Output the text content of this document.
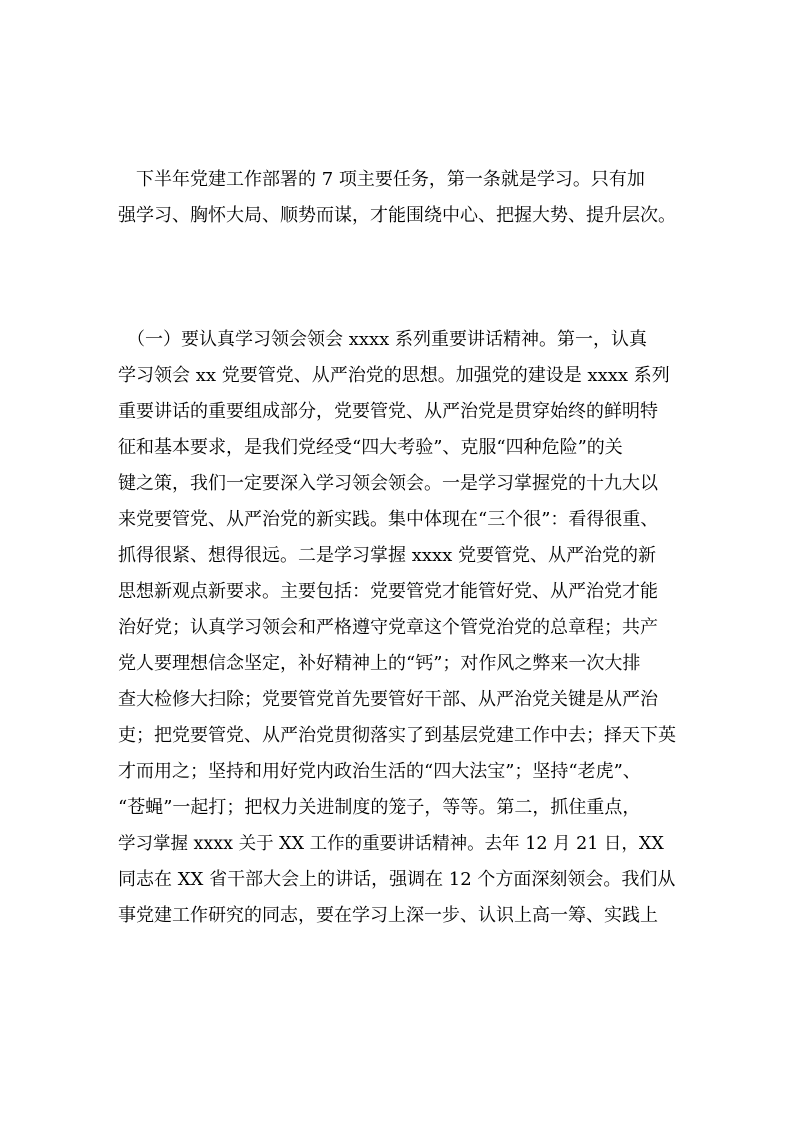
　下半年党建工作部署的 7 项主要任务，第一条就是学习。只有加
强学习、胸怀大局、顺势而谋，才能围绕中心、把握大势、提升层次。
　（一）要认真学习领会领会 xxxx 系列重要讲话精神。第一，认真
学习领会 xx 党要管党、从严治党的思想。加强党的建设是 xxxx 系列
重要讲话的重要组成部分，党要管党、从严治党是贯穿始终的鲜明特
征和基本要求，是我们党经受“四大考验”、克服“四种危险”的关
键之策，我们一定要深入学习领会领会。一是学习掌握党的十九大以
来党要管党、从严治党的新实践。集中体现在“三个很”：看得很重、
抓得很紧、想得很远。二是学习掌握 xxxx 党要管党、从严治党的新
思想新观点新要求。主要包括：党要管党才能管好党、从严治党才能
治好党；认真学习领会和严格遵守党章这个管党治党的总章程；共产
党人要理想信念坚定，补好精神上的“钙”；对作风之弊来一次大排
查大检修大扫除；党要管党首先要管好干部、从严治党关键是从严治
吏；把党要管党、从严治党贯彻落实了到基层党建工作中去；择天下英
才而用之；坚持和用好党内政治生活的“四大法宝”；坚持“老虎”、
“苍蝇”一起打；把权力关进制度的笼子，等等。第二，抓住重点，
学习掌握 xxxx 关于 XX 工作的重要讲话精神。去年 12 月 21 日，XX
同志在 XX 省干部大会上的讲话，强调在 12 个方面深刻领会。我们从
事党建工作研究的同志，要在学习上深一步、认识上高一筹、实践上
